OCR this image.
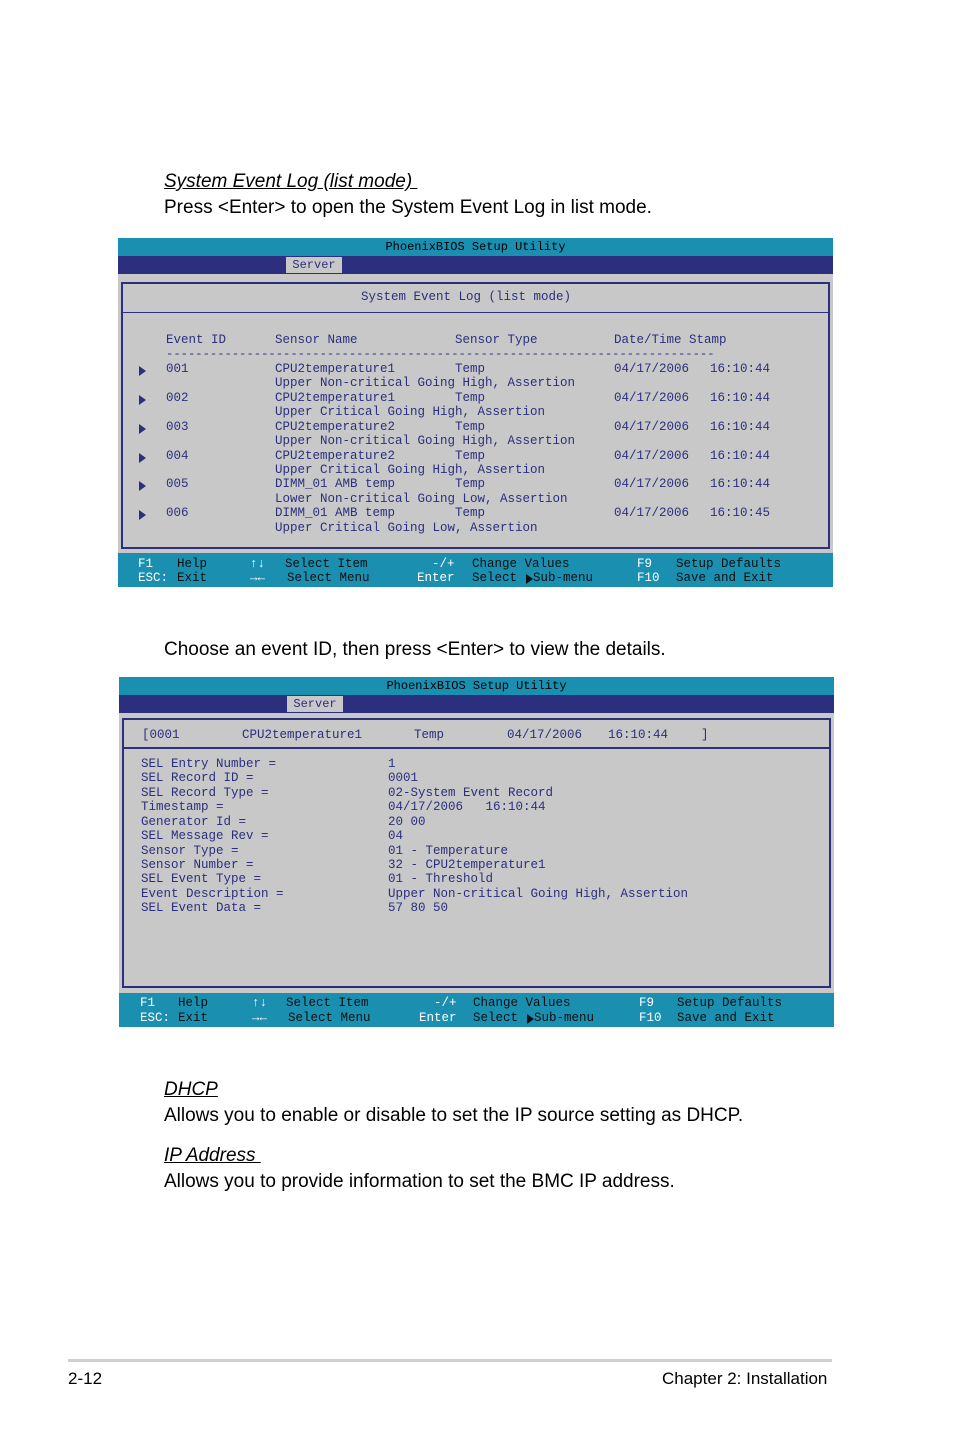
System Event Log (list mode)
Press <Enter> to open the System Event Log in list mode.
PhoenixBIOS Setup Utility
Server
System Event Log (list mode)
Event ID	Sensor Name	Sensor Type	Date/Time Stamp
---------------------------------------------------------------------------
001	CPU2temperature1	Temp	04/17/2006 16:10:44
Upper Non-critical Going High, Assertion
002	CPU2temperature1	Temp	04/17/2006 16:10:44
Upper Critical Going High, Assertion
003	CPU2temperature2	Temp	04/17/2006 16:10:44
Upper Non-critical Going High, Assertion
004	CPU2temperature2	Temp	04/17/2006 16:10:44
Upper Critical Going High, Assertion
005	DIMM_01 AMB temp	Temp	04/17/2006 16:10:44
Lower Non-critical Going Low, Assertion
006	DIMM_01 AMB temp	Temp	04/17/2006 16:10:45
Upper Critical Going Low, Assertion
F1 Help	↑↓ Select Item	-/+ Change Values	F9 Setup Defaults
ESC: Exit	→← Select Menu	Enter Select Sub-menu	F10 Save and Exit
Choose an event ID, then press <Enter> to view the details.
PhoenixBIOS Setup Utility
Server
[0001	CPU2temperature1	Temp	04/17/2006 16:10:44	]
SEL Entry Number =	1
SEL Record ID =	0001
SEL Record Type =	02-System Event Record
Timestamp =	04/17/2006   16:10:44
Generator Id =	20 00
SEL Message Rev =	04
Sensor Type =	01 - Temperature
Sensor Number =	32 - CPU2temperature1
SEL Event Type =	01 - Threshold
Event Description =	Upper Non-critical Going High, Assertion
SEL Event Data =	57 80 50
F1 Help	↑↓ Select Item	-/+ Change Values	F9 Setup Defaults
ESC: Exit	→← Select Menu	Enter Select Sub-menu	F10 Save and Exit
DHCP
Allows you to enable or disable to set the IP source setting as DHCP.
IP Address
Allows you to provide information to set the BMC IP address.
2-12	Chapter 2: Installation
